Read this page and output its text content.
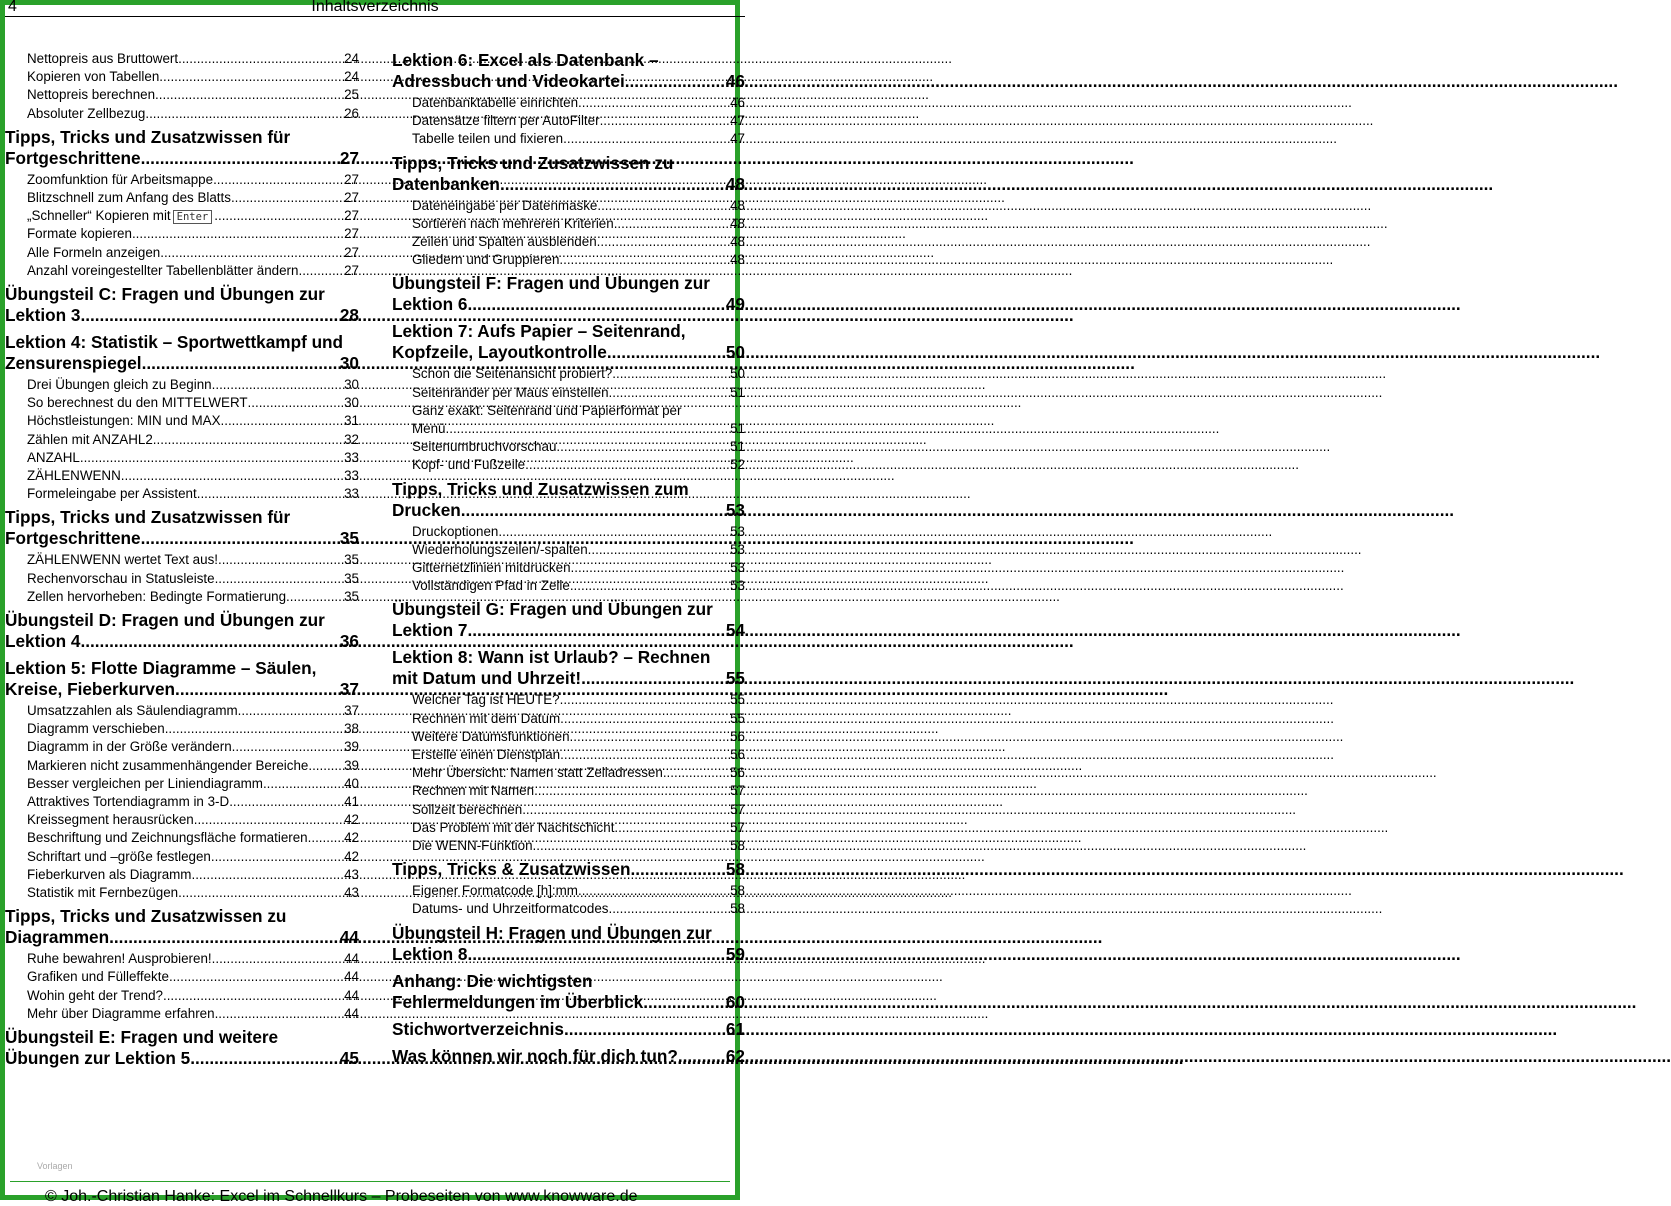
4	Inhaltsverzeichnis
Nettopreis aus Bruttowert .....	24
Kopieren von Tabellen .....	24
Nettopreis berechnen .....	25
Absoluter Zellbezug .....	26
Tipps, Tricks und Zusatzwissen für
Fortgeschrittene .....	27
Zoomfunktion für Arbeitsmappe .....	27
Blitzschnell zum Anfang des Blatts .....	27
„Schneller“ Kopieren mit Enter .....	27
Formate kopieren .....	27
Alle Formeln anzeigen .....	27
Anzahl voreingestellter Tabellenblätter ändern .....	27
Übungsteil C: Fragen und Übungen zur
Lektion 3 .....	28
Lektion 4: Statistik – Sportwettkampf und
Zensurenspiegel .....	30
Drei Übungen gleich zu Beginn .....	30
So berechnest du den MITTELWERT .....	30
Höchstleistungen: MIN und MAX .....	31
Zählen mit ANZAHL2 .....	32
ANZAHL .....	33
ZÄHLENWENN .....	33
Formeleingabe per Assistent .....	33
Tipps, Tricks und Zusatzwissen für
Fortgeschrittene .....	35
ZÄHLENWENN wertet Text aus! .....	35
Rechenvorschau in Statusleiste .....	35
Zellen hervorheben: Bedingte Formatierung .....	35
Übungsteil D: Fragen und Übungen zur
Lektion 4 .....	36
Lektion 5: Flotte Diagramme – Säulen,
Kreise, Fieberkurven .....	37
Umsatzzahlen als Säulendiagramm .....	37
Diagramm verschieben .....	38
Diagramm in der Größe verändern .....	39
Markieren nicht zusammenhängender Bereiche .....	39
Besser vergleichen per Liniendiagramm .....	40
Attraktives Tortendiagramm in 3-D .....	41
Kreissegment herausrücken .....	42
Beschriftung und Zeichnungsfläche formatieren .....	42
Schriftart und –größe festlegen .....	42
Fieberkurven als Diagramm .....	43
Statistik mit Fernbezügen .....	43
Tipps, Tricks und Zusatzwissen zu
Diagrammen .....	44
Ruhe bewahren! Ausprobieren! .....	44
Grafiken und Fülleffekte .....	44
Wohin geht der Trend? .....	44
Mehr über Diagramme erfahren .....	44
Übungsteil E: Fragen und weitere
Übungen zur Lektion 5 .....	45
Lektion 6: Excel als Datenbank –
Adressbuch und Videokartei .....	46
Datenbanktabelle einrichten .....	46
Datensätze filtern per AutoFilter .....	47
Tabelle teilen und fixieren .....	47
Tipps, Tricks und Zusatzwissen zu
Datenbanken .....	48
Dateneingabe per Datenmaske .....	48
Sortieren nach mehreren Kriterien .....	48
Zeilen und Spalten ausblenden .....	48
Gliedern und Gruppieren .....	48
Übungsteil F: Fragen und Übungen zur
Lektion 6 .....	49
Lektion 7: Aufs Papier – Seitenrand,
Kopfzeile, Layoutkontrolle .....	50
Schon die Seitenansicht probiert? .....	50
Seitenränder per Maus einstellen .....	51
Ganz exakt: Seitenrand und Papierformat per
Menü .....	51
Seitenumbruchvorschau .....	51
Kopf- und Fußzeile .....	52
Tipps, Tricks und Zusatzwissen zum
Drucken .....	53
Druckoptionen .....	53
Wiederholungszeilen/-spalten .....	53
Gitternetzlinien mitdrucken .....	53
Vollständigen Pfad in Zelle .....	53
Übungsteil G: Fragen und Übungen zur
Lektion 7 .....	54
Lektion 8: Wann ist Urlaub? – Rechnen
mit Datum und Uhrzeit! .....	55
Welcher Tag ist HEUTE? .....	55
Rechnen mit dem Datum .....	55
Weitere Datumsfunktionen .....	56
Erstelle einen Dienstplan .....	56
Mehr Übersicht: Namen statt Zelladressen .....	56
Rechnen mit Namen .....	57
Sollzeit berechnen .....	57
Das Problem mit der Nachtschicht .....	57
Die WENN-Funktion .....	58
Tipps, Tricks & Zusatzwissen .....	58
Eigener Formatcode [h]:mm .....	58
Datums- und Uhrzeitformatcodes .....	58
Übungsteil H: Fragen und Übungen zur
Lektion 8 .....	59
Anhang: Die wichtigsten
Fehlermeldungen im Überblick .....	60
Stichwortverzeichnis .....	61
Was können wir noch für dich tun? .....	62
Vorlagen
© Joh.-Christian Hanke: Excel im Schnellkurs – Probeseiten von www.knowware.de
